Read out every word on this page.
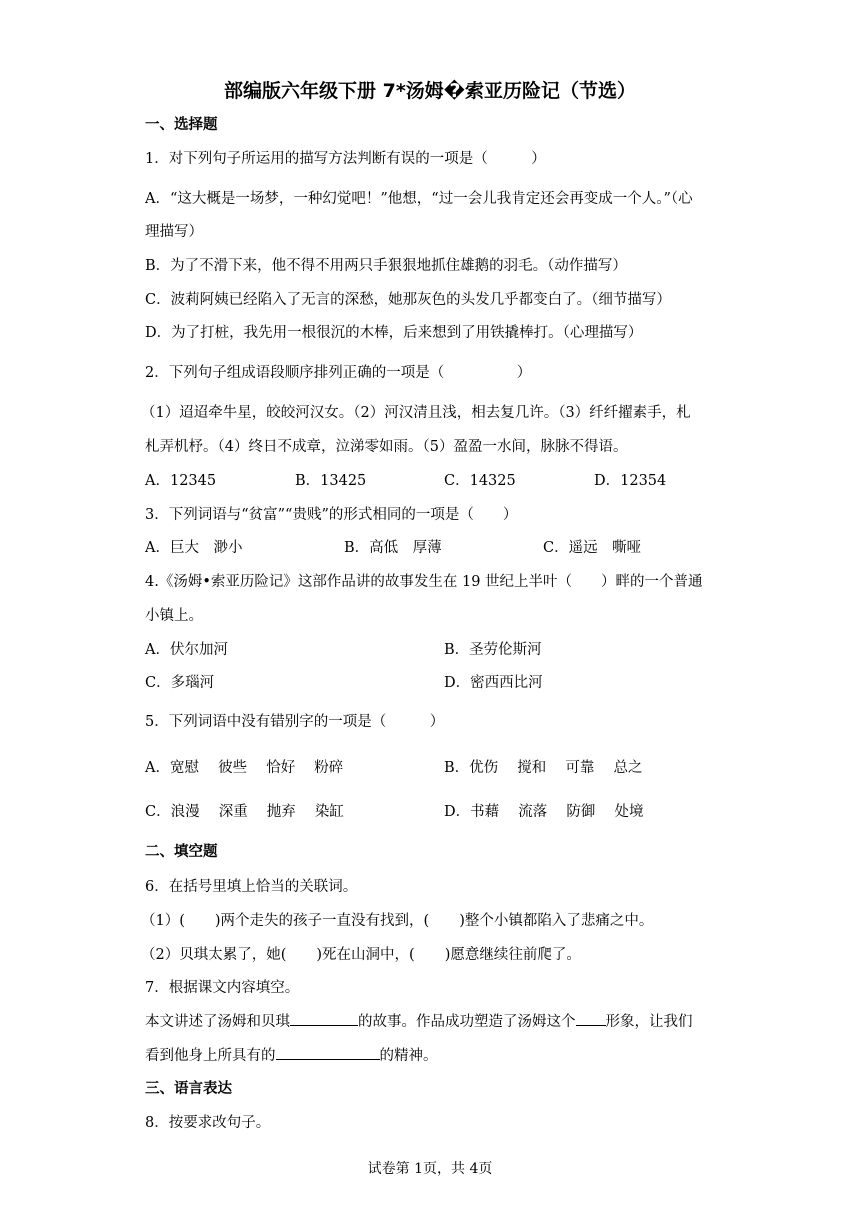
部编版六年级下册 7*汤姆�索亚历险记（节选）
一、选择题
1．对下列句子所运用的描写方法判断有误的一项是（　　　）
A．“这大概是一场梦，一种幻觉吧！”他想，“过一会儿我肯定还会再变成一个人。”（心
理描写）
B．为了不滑下来，他不得不用两只手狠狠地抓住雄鹅的羽毛。（动作描写）
C．波莉阿姨已经陷入了无言的深愁，她那灰色的头发几乎都变白了。（细节描写）
D．为了打桩，我先用一根很沉的木棒，后来想到了用铁撬棒打。（心理描写）
2．下列句子组成语段顺序排列正确的一项是（　　　　　）
（1）迢迢牵牛星，皎皎河汉女。（2）河汉清且浅，相去复几许。（3）纤纤擢素手，札
札弄机杼。（4）终日不成章，泣涕零如雨。（5）盈盈一水间，脉脉不得语。
A．12345	B．13425	C．14325	D．12354
3．下列词语与“贫富”“贵贱”的形式相同的一项是（　　）
A．巨大　渺小	B．高低　厚薄	C．遥远　嘶哑
4.《汤姆•索亚历险记》这部作品讲的故事发生在 19 世纪上半叶（　　）畔的一个普通
小镇上。
A．伏尔加河	B．圣劳伦斯河
C．多瑙河	D．密西西比河
5．下列词语中没有错别字的一项是（　　　）
A．宽慰　 彼些　 恰好　 粉碎	B．优伤　 搅和　 可靠　 总之
C．浪漫　 深重　 抛弃　 染缸	D．书藉　 流落　 防御　 处境
二、填空题
6．在括号里填上恰当的关联词。
（1）( )两个走失的孩子一直没有找到，( )整个小镇都陷入了悲痛之中。
（2）贝琪太累了，她( )死在山洞中，( )愿意继续往前爬了。
7．根据课文内容填空。
本文讲述了汤姆和贝琪	的故事。作品成功塑造了汤姆这个 形象，让我们
看到他身上所具有的	的精神。
三、语言表达
8．按要求改句子。
试卷第 1页，共 4页
